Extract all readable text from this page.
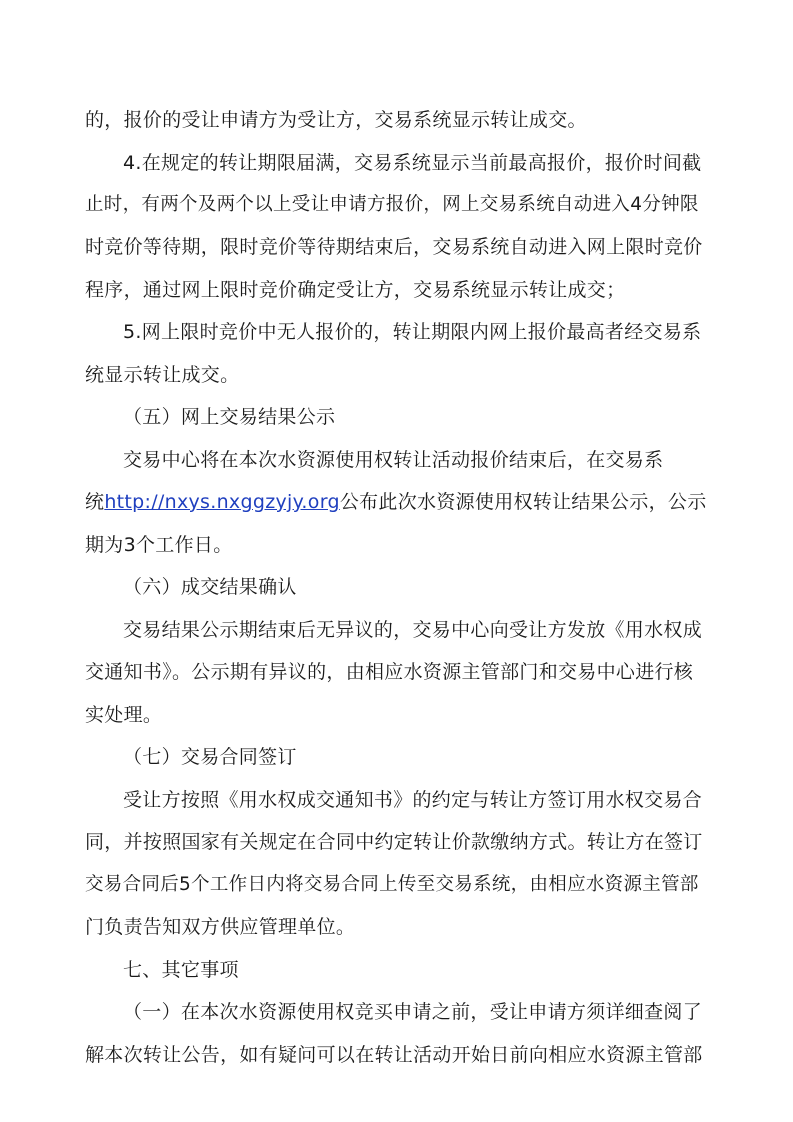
的，报价的受让申请方为受让方，交易系统显示转让成交。
4.在规定的转让期限届满，交易系统显示当前最高报价，报价时间截
止时，有两个及两个以上受让申请方报价，网上交易系统自动进入4分钟限
时竞价等待期，限时竞价等待期结束后，交易系统自动进入网上限时竞价
程序，通过网上限时竞价确定受让方，交易系统显示转让成交；
5.网上限时竞价中无人报价的，转让期限内网上报价最高者经交易系
统显示转让成交。
（五）网上交易结果公示
交易中心将在本次水资源使用权转让活动报价结束后，在交易系
统http://nxys.nxggzyjy.org公布此次水资源使用权转让结果公示，公示
期为3个工作日。
（六）成交结果确认
交易结果公示期结束后无异议的，交易中心向受让方发放《用水权成
交通知书》。公示期有异议的，由相应水资源主管部门和交易中心进行核
实处理。
（七）交易合同签订
受让方按照《用水权成交通知书》的约定与转让方签订用水权交易合
同，并按照国家有关规定在合同中约定转让价款缴纳方式。转让方在签订
交易合同后5个工作日内将交易合同上传至交易系统，由相应水资源主管部
门负责告知双方供应管理单位。
七、其它事项
（一）在本次水资源使用权竞买申请之前，受让申请方须详细查阅了
解本次转让公告，如有疑问可以在转让活动开始日前向相应水资源主管部
